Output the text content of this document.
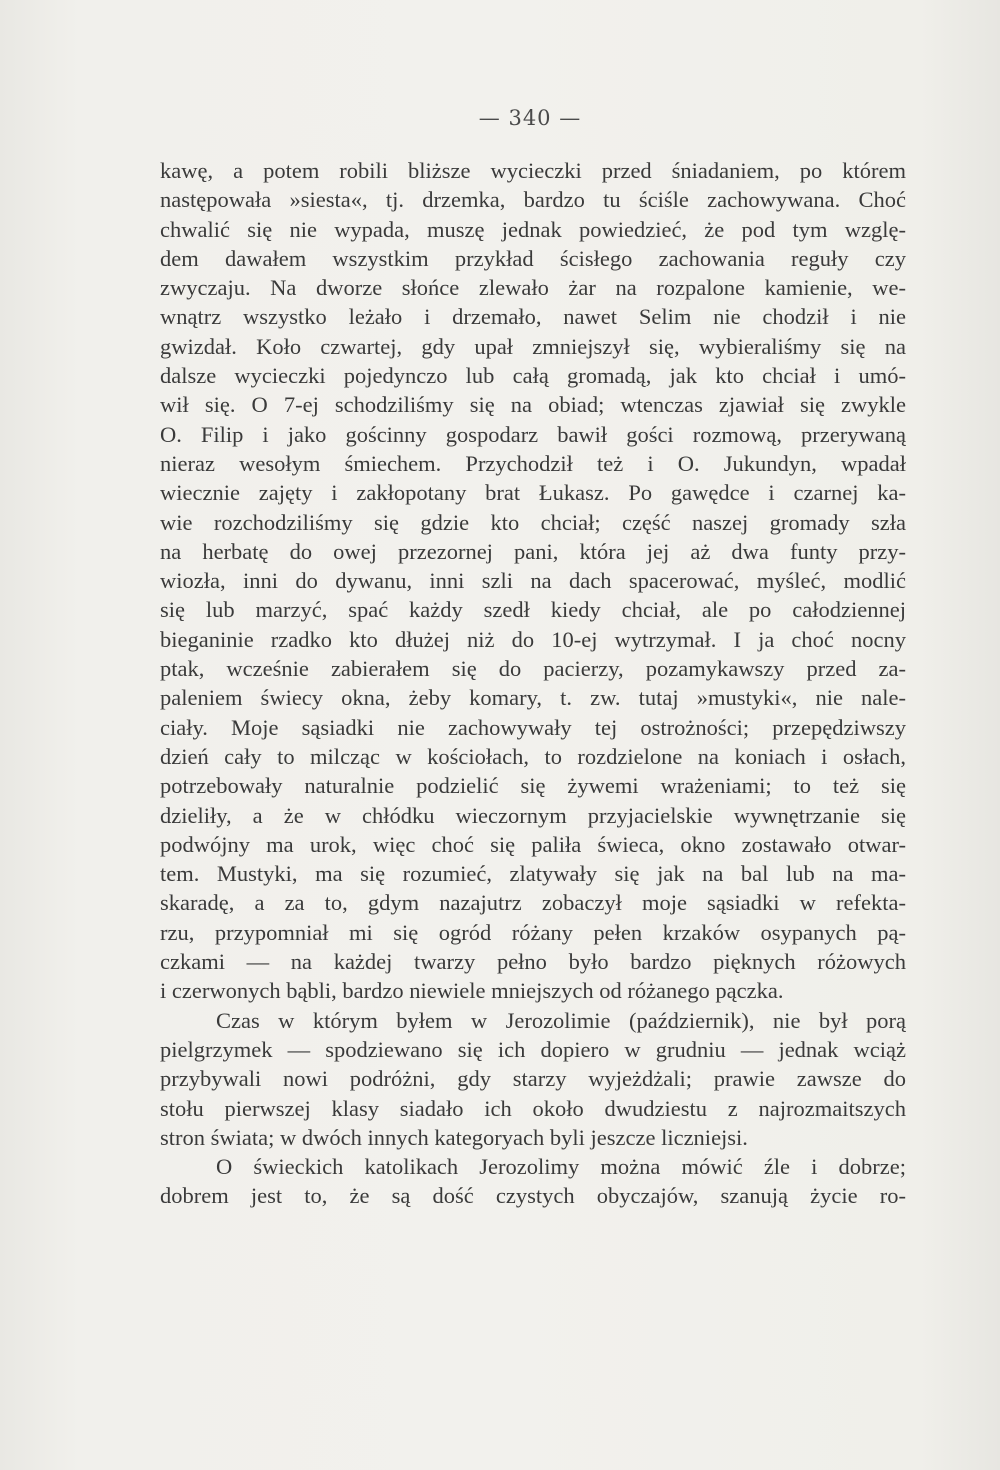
— 340 —
kawę, a potem robili bliższe wycieczki przed śniadaniem, po którem
następowała »siesta«, tj. drzemka, bardzo tu ściśle zachowywana. Choć
chwalić się nie wypada, muszę jednak powiedzieć, że pod tym wzglę-
dem dawałem wszystkim przykład ścisłego zachowania reguły czy
zwyczaju. Na dworze słońce zlewało żar na rozpalone kamienie, we-
wnątrz wszystko leżało i drzemało, nawet Selim nie chodził i nie
gwizdał. Koło czwartej, gdy upał zmniejszył się, wybieraliśmy się na
dalsze wycieczki pojedynczo lub całą gromadą, jak kto chciał i umó-
wił się. O 7-ej schodziliśmy się na obiad; wtenczas zjawiał się zwykle
O. Filip i jako gościnny gospodarz bawił gości rozmową, przerywaną
nieraz wesołym śmiechem. Przychodził też i O. Jukundyn, wpadał
wiecznie zajęty i zakłopotany brat Łukasz. Po gawędce i czarnej ka-
wie rozchodziliśmy się gdzie kto chciał; część naszej gromady szła
na herbatę do owej przezornej pani, która jej aż dwa funty przy-
wiozła, inni do dywanu, inni szli na dach spacerować, myśleć, modlić
się lub marzyć, spać każdy szedł kiedy chciał, ale po całodziennej
bieganinie rzadko kto dłużej niż do 10-ej wytrzymał. I ja choć nocny
ptak, wcześnie zabierałem się do pacierzy, pozamykawszy przed za-
paleniem świecy okna, żeby komary, t. zw. tutaj »mustyki«, nie nale-
ciały. Moje sąsiadki nie zachowywały tej ostrożności; przepędziwszy
dzień cały to milcząc w kościołach, to rozdzielone na koniach i osłach,
potrzebowały naturalnie podzielić się żywemi wrażeniami; to też się
dzieliły, a że w chłódku wieczornym przyjacielskie wywnętrzanie się
podwójny ma urok, więc choć się paliła świeca, okno zostawało otwar-
tem. Mustyki, ma się rozumieć, zlatywały się jak na bal lub na ma-
skaradę, a za to, gdym nazajutrz zobaczył moje sąsiadki w refekta-
rzu, przypomniał mi się ogród różany pełen krzaków osypanych pą-
czkami — na każdej twarzy pełno było bardzo pięknych różowych
i czerwonych bąbli, bardzo niewiele mniejszych od różanego pączka.
Czas w którym byłem w Jerozolimie (październik), nie był porą
pielgrzymek — spodziewano się ich dopiero w grudniu — jednak wciąż
przybywali nowi podróżni, gdy starzy wyjeżdżali; prawie zawsze do
stołu pierwszej klasy siadało ich około dwudziestu z najrozmaitszych
stron świata; w dwóch innych kategoryach byli jeszcze liczniejsi.
O świeckich katolikach Jerozolimy można mówić źle i dobrze;
dobrem jest to, że są dość czystych obyczajów, szanują życie ro-
